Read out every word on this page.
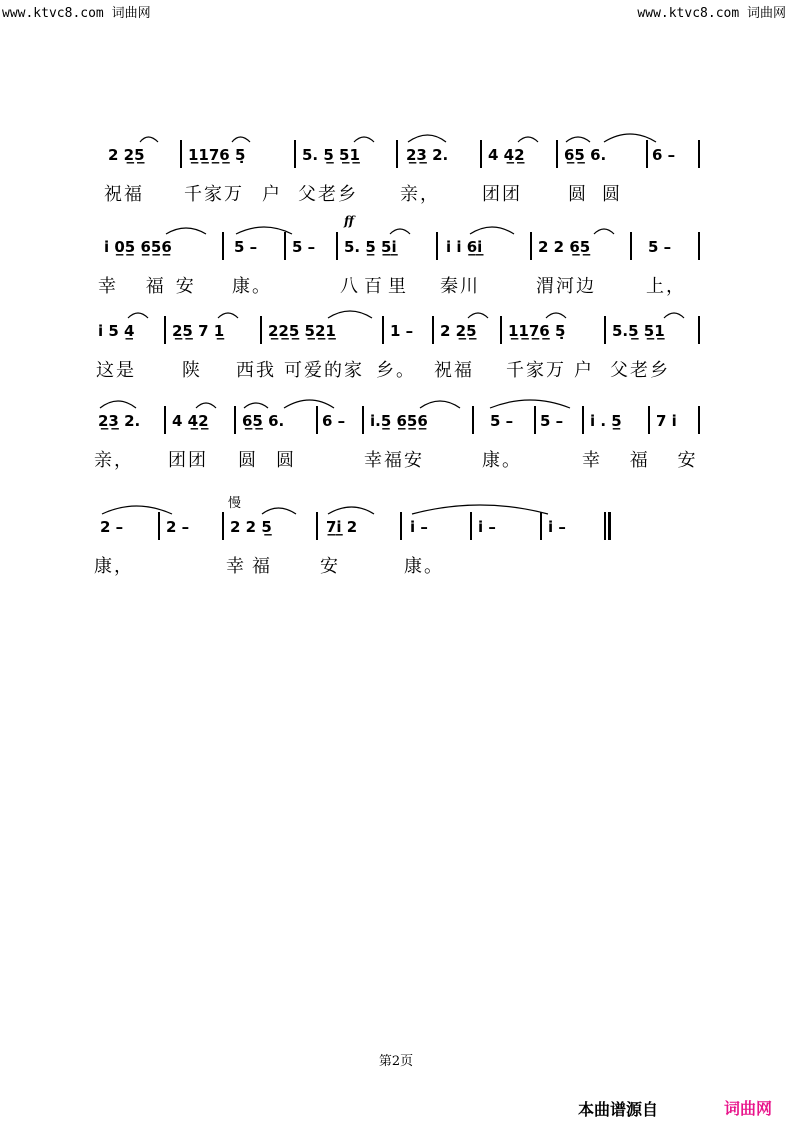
www.ktvc8.com 词曲网	www.ktvc8.com 词曲网
2 2̲5̲	1̲1̲7̲6̲ 5̣	5. 5̲ 5̲1̲	2̲3̲ 2.	4 4̲2̲	6̲5̲ 6.	6 –
祝福 千家万 户 父老乡 亲， 团团	圆 圆
ff
i 0̲5̲ 6̲5̲6̲	5 – 5 – 5. 5̲ 5̲i̲	i i 6̲i̲	2 2 6̲5̲	5 –
幸 福安 康。	八百里 秦川	渭河边	上，
i 5 4̲	2̲5̲ 7 1̲	2̲2̲5̲ 5̲2̲1̲	1 – 2 2̲5̲ 1̲1̲7̲6̲ 5̣	5.5̲ 5̲1̲
这是	陕 西我 可爱的家 乡。 祝福 千家万 户 父老乡
2̲3̲ 2. 4 4̲2̲ 6̲5̲ 6.	6 – i.5̲ 6̲5̲6̲	5 – 5 – i . 5̲ 7 i
亲， 团团 圆 圆	幸福安	康。	幸 福 安
慢
2 –	2 –	2 2 5̲	7̲i̲ 2	i –	i –	i –
康，	幸福 安	康。
第2页
本曲谱源自	词曲网
